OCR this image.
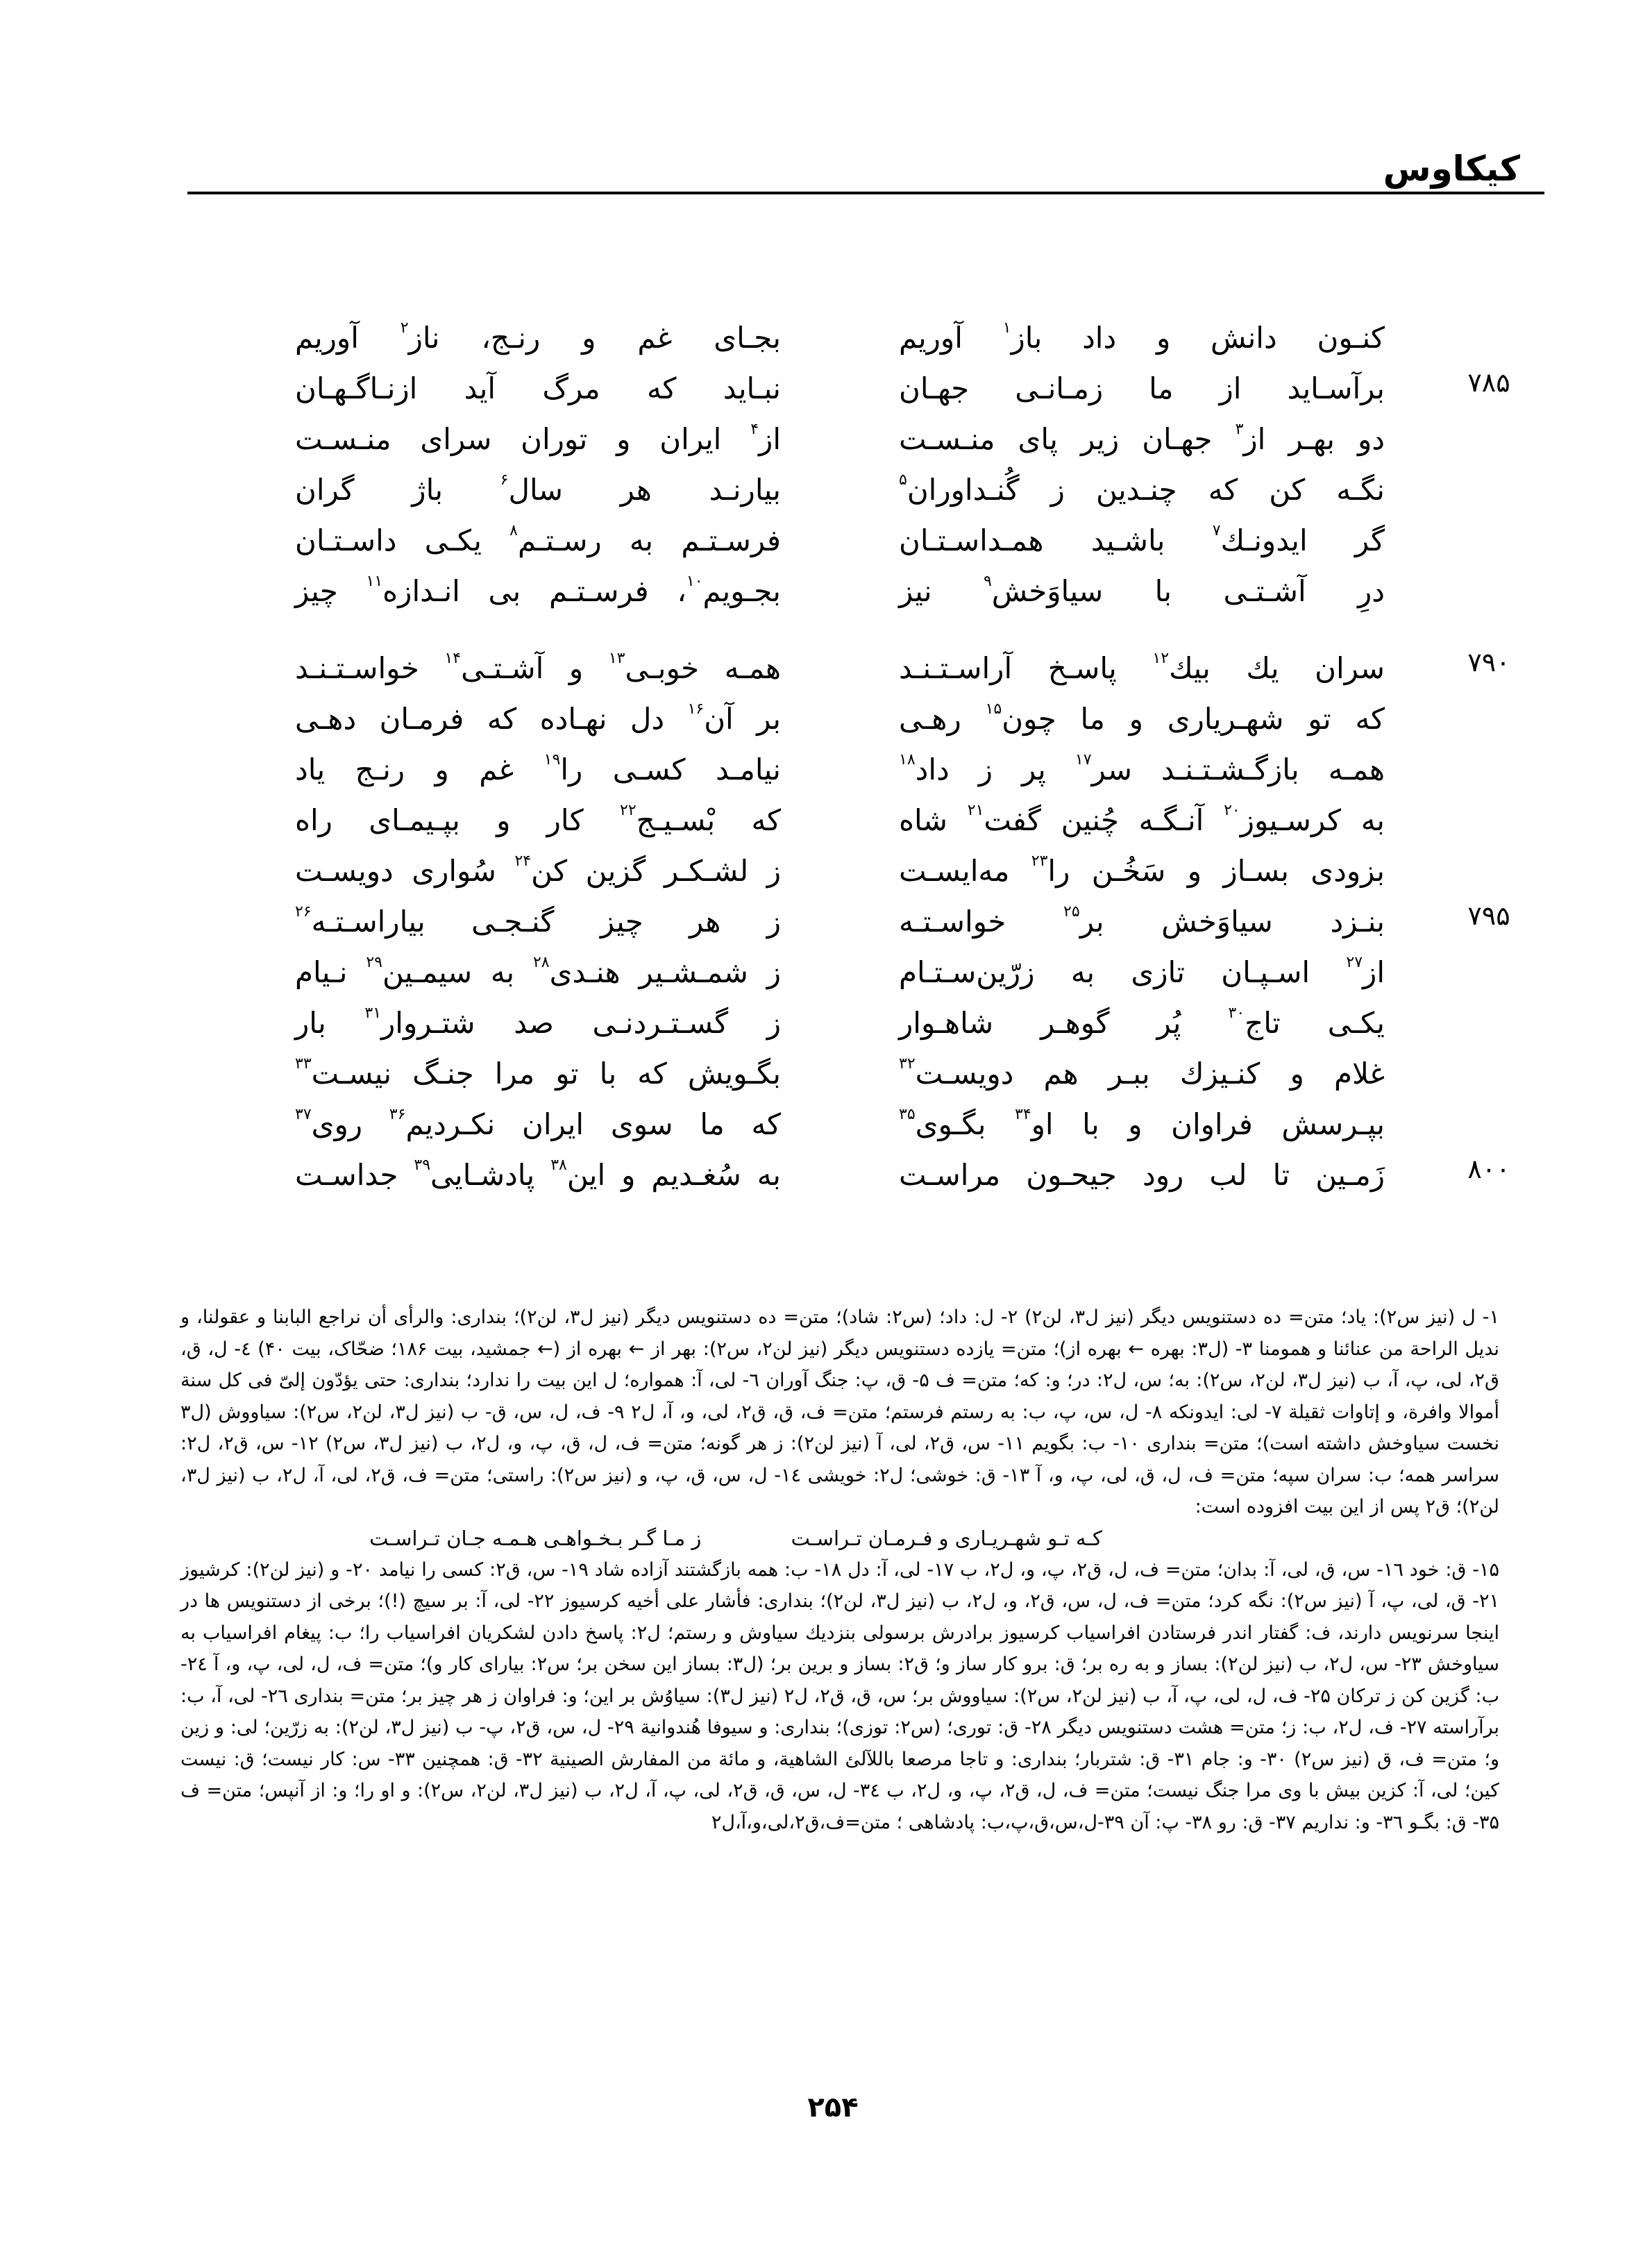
کیکاوس
کنـون دانش و داد باز$^۱$ آوریم
بجـای غم و رنـج، ناز$^۲$ آوریم
۷۸۵
برآسـاید از ما زمـانـی جهـان
نبـاید که مرگ آید ازنـاگـهـان
دو بهـر از$^۳$ جهـان زیر پای منـسـت
از$^۴$ ایران و توران سرای منـسـت
نگـه کن که چنـدین ز گُنـداوران$^۵$
بیارنـد هر سال$^۶$ باژ گران
گر ایدونـك$^۷$ باشـید همـداسـتـان
فرسـتـم به رسـتـم$^۸$ یکـی داسـتـان
درِ آشـتـی با سیاوَخش$^۹$ نیز
بجـویم$^{۱۰}$، فرسـتـم بی انـدازه$^{۱۱}$ چیز
۷۹۰
سران یك بیك$^{۱۲}$ پاسـخ آراسـتـنـد
همـه خوبـی$^{۱۳}$ و آشـتـی$^{۱۴}$ خواسـتـنـد
که تو شهـریاری و ما چون$^{۱۵}$ رهـی
بر آن$^{۱۶}$ دل نهـاده که فرمـان دهـی
همـه بازگـشـتـنـد سر$^{۱۷}$ پر ز داد$^{۱۸}$
نیامـد کسـی را$^{۱۹}$ غم و رنـج یاد
به کرسـیوز$^{۲۰}$ آنـگـه چُنین گفت$^{۲۱}$ شاه
که بْسـیـج$^{۲۲}$ کار و بپـیمـای راه
بزودی بسـاز و سَخُـن را$^{۲۳}$ مه‌ایسـت
ز لشـکـر گزین کن$^{۲۴}$ سُواری دویسـت
۷۹۵
بنـزد سیاوَخش بر$^{۲۵}$ خواسـتـه
ز هر چیز گنـجـی بیاراسـتـه$^{۲۶}$
از$^{۲۷}$ اسـپـان تازی به زرّین‌سـتـام
ز شمـشـیر هنـدی$^{۲۸}$ به سیمـین$^{۲۹}$ نـیام
یکـی تاج$^{۳۰}$ پُر گوهـر شاهـوار
ز گسـتـردنـی صد شتـروار$^{۳۱}$ بار
غلام و کنـیزك ببـر هم دویسـت$^{۳۲}$
بگـویش که با تو مرا جنـگ نیسـت$^{۳۳}$
بپـرسش فراوان و با او$^{۳۴}$ بگـوی$^{۳۵}$
که ما سوی ایران نکـردیم$^{۳۶}$ روی$^{۳۷}$
۸۰۰
زَمـین تا لب رود جیحـون مراسـت
به سُغـدیم و این$^{۳۸}$ پادشـایی$^{۳۹}$ جداسـت
۱- ل (نیز س۲): یاد؛ متن= ده دستنویس دیگر (نیز ل۳، لن۲) ۲- ل: داد؛ (س۲: شاد)؛ متن= ده دستنویس دیگر (نیز ل۳، لن۲)؛ بنداری: والرأی أن نراجع البابنا و عقولنا، و ندیل الراحة من عنائنا و همومنا ۳- (ل۳: بهره ← بهره از)؛ متن= یازده دستنویس دیگر (نیز لن۲، س۲): بهر از ← بهره از (← جمشید، بیت ۱۸۶؛ ضحّاک، بیت ۴۰) ٤- ل، ق، ق۲، لی، پ، آ، ب (نیز ل۳، لن۲، س۲): به؛ س، ل۲: در؛ و: که؛ متن= ف ۵- ق، پ: جنگ آوران ٦- لی، آ: همواره؛ ل این بیت را ندارد؛ بنداری: حتی یؤدّون إلیّ فی کل سنة أموالا وافرة، و إتاوات ثقیلة ۷- لی: ایدونکه ۸- ل، س، پ، ب: به رستم فرستم؛ متن= ف، ق، ق۲، لی، و، آ، ل۲ ۹- ف، ل، س، ق- ب (نیز ل۳، لن۲، س۲): سیاووش (ل۳ نخست سیاوخش داشته است)؛ متن= بنداری ۱۰- ب: بگویم ۱۱- س، ق۲، لی، آ (نیز لن۲): ز هر گونه؛ متن= ف، ل، ق، پ، و، ل۲، ب (نیز ل۳، س۲) ۱۲- س، ق۲، ل۲: سراسر همه؛ ب: سران سپه؛ متن= ف، ل، ق، لی، پ، و، آ ۱۳- ق: خوشی؛ ل۲: خویشی ١٤- ل، س، ق، پ، و (نیز س۲): راستی؛ متن= ف، ق۲، لی، آ، ل۲، ب (نیز ل۳، لن۲)؛ ق۲ پس از این بیت افزوده است:
کـه تـو شهـریـاری و فـرمـان تـراسـت ز مـا گـر بـخـواهـی هـمـه جـان تـراسـت
۱۵- ق: خود ١٦- س، ق، لی، آ: بدان؛ متن= ف، ل، ق۲، پ، و، ل۲، ب ۱۷- لی، آ: دل ۱۸- ب: همه بازگشتند آزاده شاد ۱۹- س، ق۲: کسی را نیامد ۲۰- و (نیز لن۲): کرشیوز ۲۱- ق، لی، پ، آ (نیز س۲): نگه کرد؛ متن= ف، ل، س، ق۲، و، ل۲، ب (نیز ل۳، لن۲)؛ بنداری: فأشار علی أخیه کرسیوز ۲۲- لی، آ: بر سیچ (!)؛ برخی از دستنویس ها در اینجا سرنویس دارند، ف: گفتار اندر فرستادن افراسیاب کرسیوز برادرش برسولی بنزدیك سیاوش و رستم؛ ل۲: پاسخ دادن لشکریان افراسیاب را؛ ب: پیغام افراسیاب به سیاوخش ۲۳- س، ل۲، ب (نیز لن۲): بساز و به ره بر؛ ق: برو کار ساز و؛ ق۲: بساز و برین بر؛ (ل۳: بساز این سخن بر؛ س۲: بیارای کار و)؛ متن= ف، ل، لی، پ، و، آ ٢٤- ب: گزین کن ز ترکان ۲۵- ف، ل، لی، پ، آ، ب (نیز لن۲، س۲): سیاووش بر؛ س، ق، ق۲، ل۲ (نیز ل۳): سیاوُش بر این؛ و: فراوان ز هر چیز بر؛ متن= بنداری ۲٦- لی، آ، ب: برآراسته ۲۷- ف، ل۲، ب: ز؛ متن= هشت دستنویس دیگر ۲۸- ق: توری؛ (س۲: توزی)؛ بنداری: و سیوفا هُندوانیة ۲۹- ل، س، ق۲، پ- ب (نیز ل۳، لن۲): به زرّین؛ لی: و زین و؛ متن= ف، ق (نیز س۲) ۳۰- و: جام ۳۱- ق: شتربار؛ بنداری: و تاجا مرصعا باللآلئ الشاهیة، و مائة من المفارش الصینیة ۳۲- ق: همچنین ۳۳- س: کار نیست؛ ق: نیست کین؛ لی، آ: کزین بیش با وی مرا جنگ نیست؛ متن= ف، ل، ق۲، پ، و، ل۲، ب ۳٤- ل، س، ق، ق۲، لی، پ، آ، ل۲، ب (نیز ل۳، لن۲، س۲): و او را؛ و: از آنپس؛ متن= ف ۳۵- ق: بگـو ۳٦- و: نداریم ۳۷- ق: رو ۳۸- پ: آن ۳۹-ل،س،ق،پ،ب: پادشاهی ؛ متن=ف،ق۲،لی،و،آ،ل۲
۲۵۴
